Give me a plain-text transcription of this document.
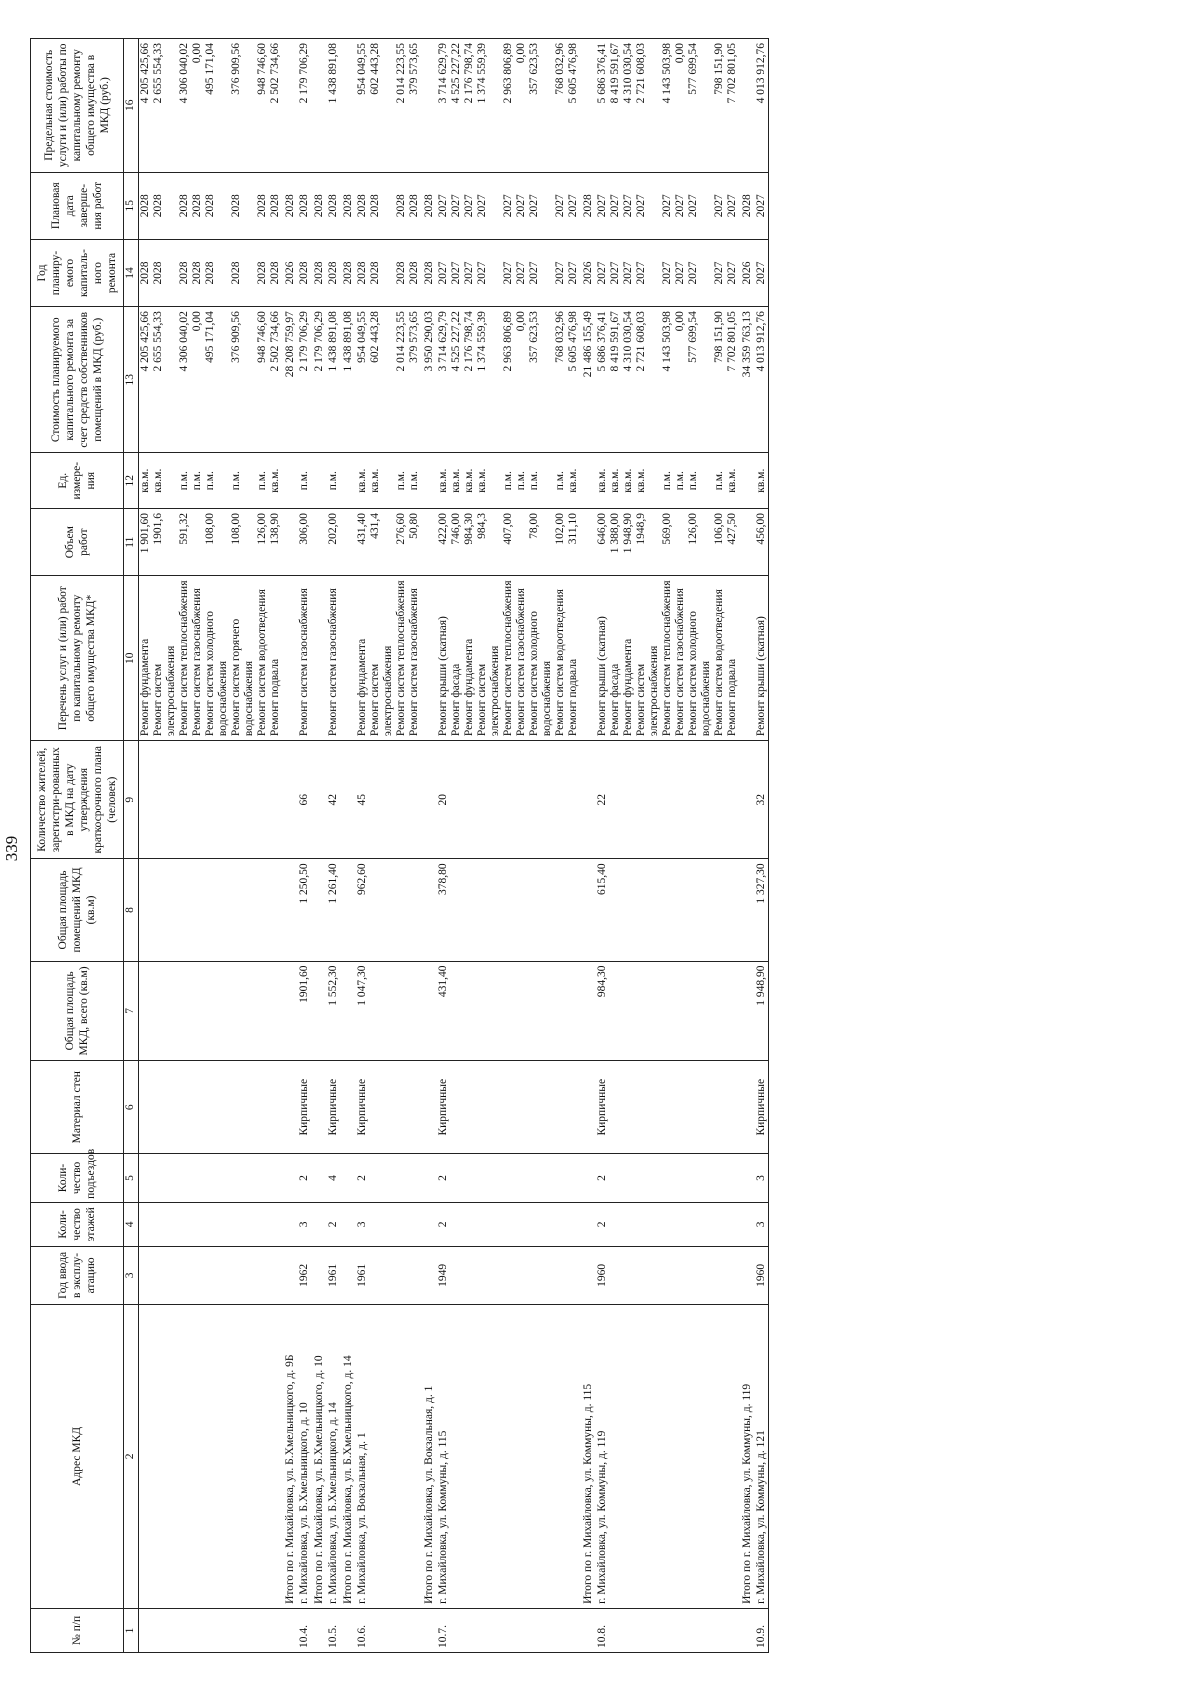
339
№ п/п	Адрес МКД	Год ввода в эксплу-атацию	Коли-чество этажей	Коли-чество подъездов	Материал стен	Общая площадь МКД, всего (кв.м)	Общая площадь помещений МКД (кв.м)	Количество жителей, зарегистри-рованных в МКД на дату утверждения краткосрочного плана (человек)	Перечень услуг и (или) работ по капитальному ремонту общего имущества МКД*	Объем работ	Ед. измере-ния	Стоимость планируемого капитального ремонта за счет средств собственников помещений в МКД (руб.)	Год планиру-емого капиталь-ного ремонта	Плановая дата заверше-ния работ	Предельная стоимость услуги и (или) работы по капитальному ремонту общего имущества в МКД (руб.)
1	2	3	4	5	6	7	8	9	10	11	12	13	14	15	16
									Ремонт фундамента	1 901,60	кв.м.	4 205 425,66	2028	2028	4 205 425,66
									Ремонт систем электроснабжения	1901,6	кв.м.	2 655 554,33	2028	2028	2 655 554,33
									Ремонт систем теплоснабжения	591,32	п.м.	4 306 040,02	2028	2028	4 306 040,02
									Ремонт систем газоснабжения		п.м.	0,00	2028	2028	0,00
									Ремонт систем холодного водоснабжения	108,00	п.м.	495 171,04	2028	2028	495 171,04
									Ремонт систем горячего водоснабжения	108,00	п.м.	376 909,56	2028	2028	376 909,56
									Ремонт систем водоотведения	126,00	п.м.	948 746,60	2028	2028	948 746,60
									Ремонт подвала	138,90	кв.м.	2 502 734,66	2028	2028	2 502 734,66
	Итого по г. Михайловка, ул. Б.Хмельницкого, д. 9Б											28 208 759,97	2026	2028	
10.4.	г. Михайловка, ул. Б.Хмельницкого, д. 10	1962	3	2	Кирпичные	1901,60	1 250,50	66	Ремонт систем газоснабжения	306,00	п.м.	2 179 706,29	2028	2028	2 179 706,29
	Итого по г. Михайловка, ул. Б.Хмельницкого, д. 10											2 179 706,29	2028	2028	
10.5.	г. Михайловка, ул. Б.Хмельницкого, д. 14	1961	2	4	Кирпичные	1 552,30	1 261,40	42	Ремонт систем газоснабжения	202,00	п.м.	1 438 891,08	2028	2028	1 438 891,08
	Итого по г. Михайловка, ул. Б.Хмельницкого, д. 14											1 438 891,08	2028	2028	
10.6.	г. Михайловка, ул. Вокзальная, д. 1	1961	3	2	Кирпичные	1 047,30	962,60	45	Ремонт фундамента	431,40	кв.м.	954 049,55	2028	2028	954 049,55
									Ремонт систем электроснабжения	431,4	кв.м.	602 443,28	2028	2028	602 443,28
									Ремонт систем теплоснабжения	276,60	п.м.	2 014 223,55	2028	2028	2 014 223,55
									Ремонт систем газоснабжения	50,80	п.м.	379 573,65	2028	2028	379 573,65
	Итого по г. Михайловка, ул. Вокзальная, д. 1											3 950 290,03	2028	2028	
10.7.	г. Михайловка, ул. Коммуны, д. 115	1949	2	2	Кирпичные	431,40	378,80	20	Ремонт крыши (скатная)	422,00	кв.м.	3 714 629,79	2027	2027	3 714 629,79
									Ремонт фасада	746,00	кв.м.	4 525 227,22	2027	2027	4 525 227,22
									Ремонт фундамента	984,30	кв.м.	2 176 798,74	2027	2027	2 176 798,74
									Ремонт систем электроснабжения	984,3	кв.м.	1 374 559,39	2027	2027	1 374 559,39
									Ремонт систем теплоснабжения	407,00	п.м.	2 963 806,89	2027	2027	2 963 806,89
									Ремонт систем газоснабжения		п.м.	0,00	2027	2027	0,00
									Ремонт систем холодного водоснабжения	78,00	п.м.	357 623,53	2027	2027	357 623,53
									Ремонт систем водоотведения	102,00	п.м.	768 032,96	2027	2027	768 032,96
									Ремонт подвала	311,10	кв.м.	5 605 476,98	2027	2027	5 605 476,98
	Итого по г. Михайловка, ул. Коммуны, д. 115											21 486 155,49	2026	2028	
10.8.	г. Михайловка, ул. Коммуны, д. 119	1960	2	2	Кирпичные	984,30	615,40	22	Ремонт крыши (скатная)	646,00	кв.м.	5 686 376,41	2027	2027	5 686 376,41
									Ремонт фасада	1 388,00	кв.м.	8 419 591,67	2027	2027	8 419 591,67
									Ремонт фундамента	1 948,90	кв.м.	4 310 030,54	2027	2027	4 310 030,54
									Ремонт систем электроснабжения	1948,9	кв.м.	2 721 608,03	2027	2027	2 721 608,03
									Ремонт систем теплоснабжения	569,00	п.м.	4 143 503,98	2027	2027	4 143 503,98
									Ремонт систем газоснабжения		п.м.	0,00	2027	2027	0,00
									Ремонт систем холодного водоснабжения	126,00	п.м.	577 699,54	2027	2027	577 699,54
									Ремонт систем водоотведения	106,00	п.м.	798 151,90	2027	2027	798 151,90
									Ремонт подвала	427,50	кв.м.	7 702 801,05	2027	2027	7 702 801,05
	Итого по г. Михайловка, ул. Коммуны, д. 119											34 359 763,13	2026	2028	
10.9.	г. Михайловка, ул. Коммуны, д. 121	1960	3	3	Кирпичные	1 948,90	1 327,30	32	Ремонт крыши (скатная)	456,00	кв.м.	4 013 912,76	2027	2027	4 013 912,76
